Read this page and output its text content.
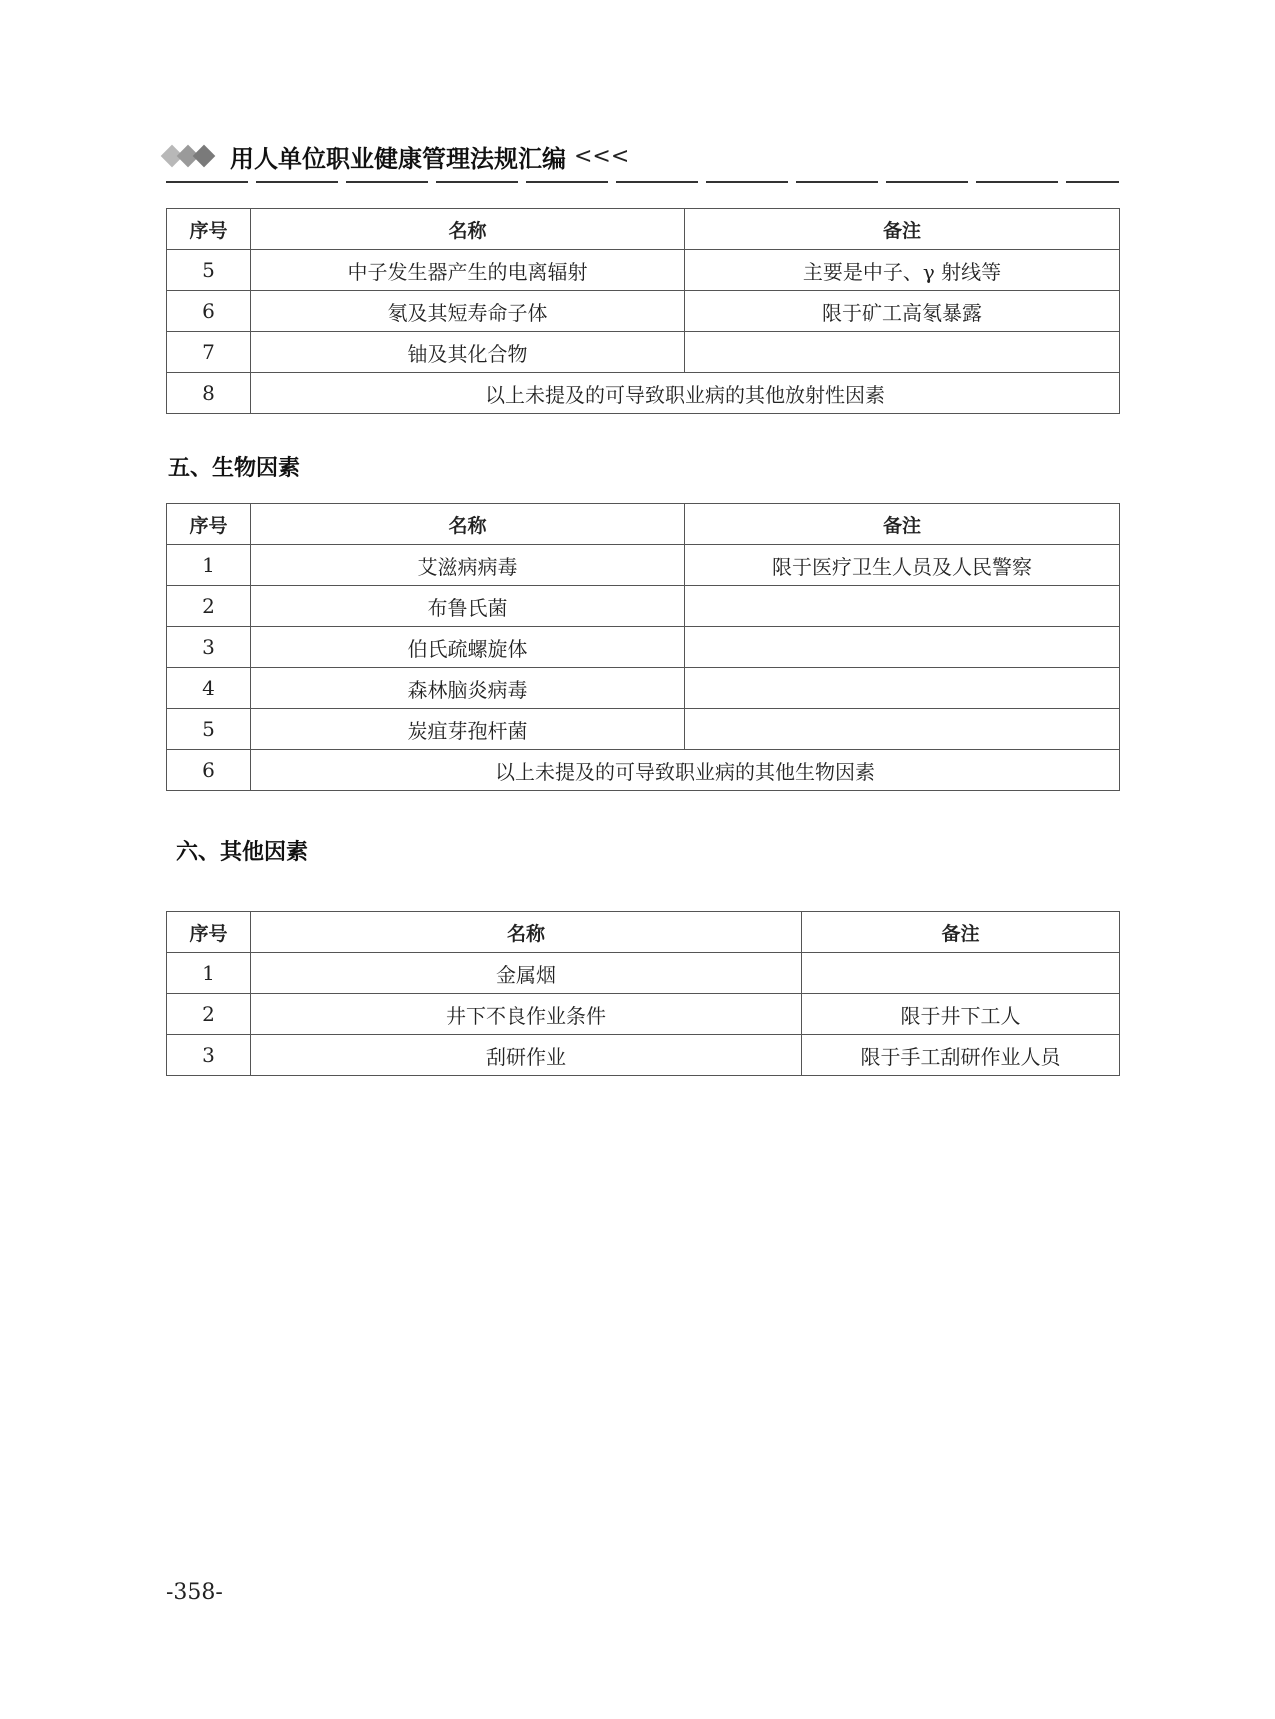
用人单位职业健康管理法规汇编 <<<
序号	名称	备注
5	中子发生器产生的电离辐射	主要是中子、γ 射线等
6	氡及其短寿命子体	限于矿工高氡暴露
7	铀及其化合物	
8	以上未提及的可导致职业病的其他放射性因素	
五、生物因素
序号	名称	备注
1	艾滋病病毒	限于医疗卫生人员及人民警察
2	布鲁氏菌	
3	伯氏疏螺旋体	
4	森林脑炎病毒	
5	炭疽芽孢杆菌	
6	以上未提及的可导致职业病的其他生物因素	
六、其他因素
序号	名称	备注
1	金属烟	
2	井下不良作业条件	限于井下工人
3	刮研作业	限于手工刮研作业人员
-358-
